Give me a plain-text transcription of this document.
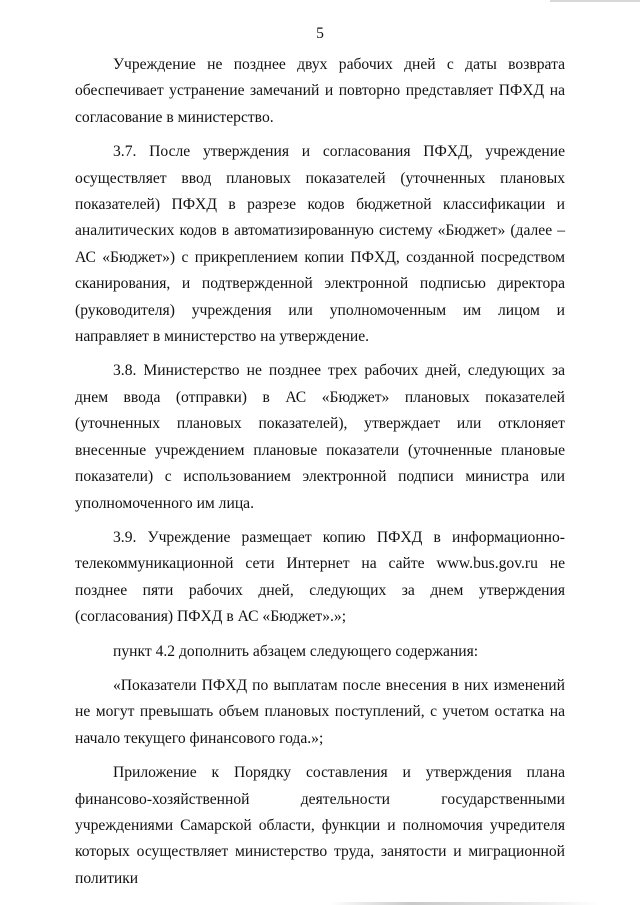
5

Учреждение не позднее двух рабочих дней с даты возврата обеспечивает устранение замечаний и повторно представляет ПФХД на согласование в министерство.

3.7. После утверждения и согласования ПФХД, учреждение осуществляет ввод плановых показателей (уточненных плановых показателей) ПФХД в разрезе кодов бюджетной классификации и аналитических кодов в автоматизированную систему «Бюджет» (далее – АС «Бюджет») с прикреплением копии ПФХД, созданной посредством сканирования, и подтвержденной электронной подписью директора (руководителя) учреждения или уполномоченным им лицом и направляет в министерство на утверждение.

3.8. Министерство не позднее трех рабочих дней, следующих за днем ввода (отправки) в АС «Бюджет» плановых показателей (уточненных плановых показателей), утверждает или отклоняет внесенные учреждением плановые показатели (уточненные плановые показатели) с использованием электронной подписи министра или уполномоченного им лица.

3.9. Учреждение размещает копию ПФХД в информационно-телекоммуникационной сети Интернет на сайте www.bus.gov.ru не позднее пяти рабочих дней, следующих за днем утверждения (согласования) ПФХД в АС «Бюджет».»;

пункт 4.2 дополнить абзацем следующего содержания:

«Показатели ПФХД по выплатам после внесения в них изменений не могут превышать объем плановых поступлений, с учетом остатка на начало текущего финансового года.»;

Приложение к Порядку составления и утверждения плана финансово-хозяйственной деятельности государственными учреждениями Самарской области, функции и полномочия учредителя которых осуществляет министерство труда, занятости и миграционной политики
